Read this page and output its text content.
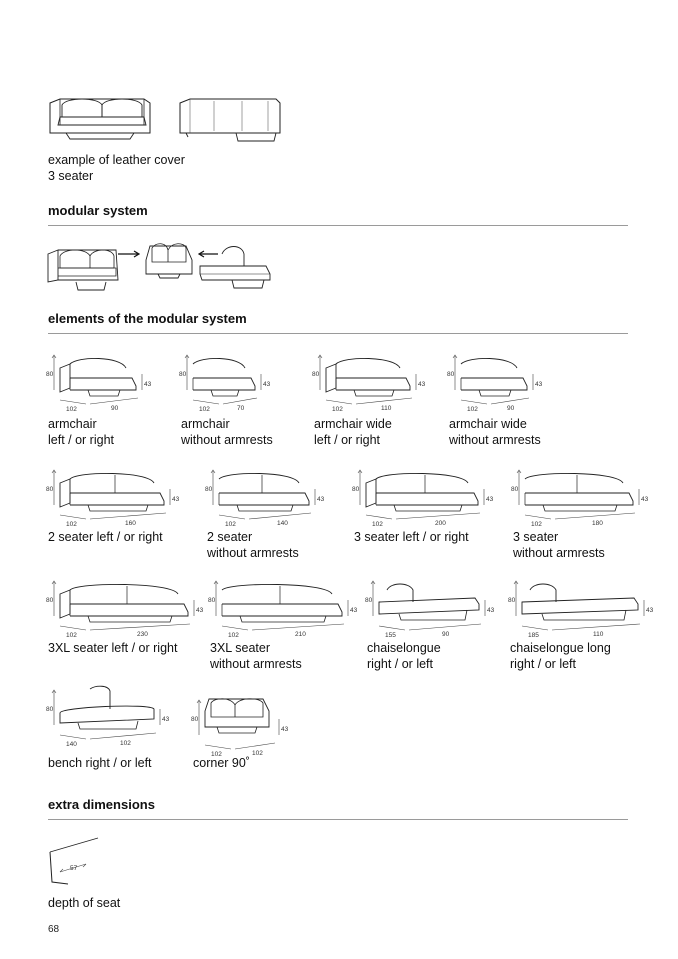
example of leather cover
3 seater
modular system
elements of the modular system
80
43
102	90
armchair
left / or right
80
43
102	70
armchair
without armrests
80
43
102	110
armchair wide
left / or right
80
43
102	90
armchair wide
without armrests
80
43
102	160
2 seater left / or right
80
43
102	140
2 seater
without armrests
80
43
102	200
3 seater left / or right
80
43
102	180
3 seater
without armrests
80
43
102	230
3XL seater left / or right
80
43
102	210
3XL seater
without armrests
80
43
155	90
chaiselongue
right / or left
80
43
185	110
chaiselongue long
right / or left
80
43
140	102
bench right / or left
80
43
102	102
corner 90˚
extra dimensions
57
depth of seat
68
